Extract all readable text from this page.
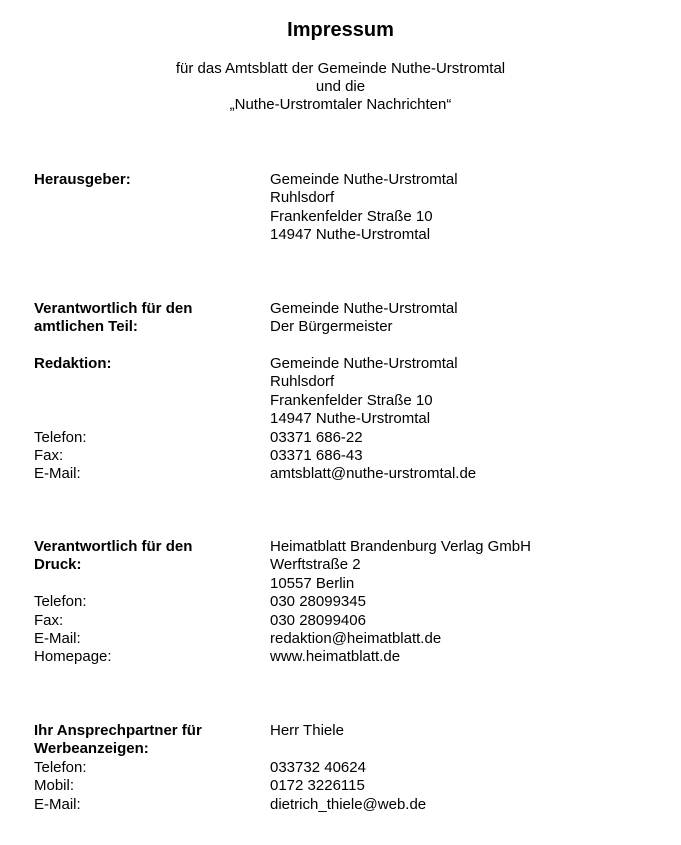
Impressum
für das Amtsblatt der Gemeinde Nuthe-Urstromtal
und die
„Nuthe-Urstromtaler Nachrichten“
Herausgeber:	Gemeinde Nuthe-Urstromtal
Ruhlsdorf
Frankenfelder Straße 10
14947 Nuthe-Urstromtal
Verantwortlich für den
amtlichen Teil:
Gemeinde Nuthe-Urstromtal
Der Bürgermeister
Redaktion:	Gemeinde Nuthe-Urstromtal
Ruhlsdorf
Frankenfelder Straße 10
14947 Nuthe-Urstromtal
Telefon:
Fax:
E-Mail:
03371 686-22
03371 686-43
amtsblatt@nuthe-urstromtal.de
Verantwortlich für den
Druck:
Heimatblatt Brandenburg Verlag GmbH
Werftstraße 2
10557 Berlin
Telefon:
Fax:
E-Mail:
Homepage:
030 28099345
030 28099406
redaktion@heimatblatt.de
www.heimatblatt.de
Ihr Ansprechpartner für
Werbeanzeigen:
Herr Thiele
Telefon:
Mobil:
E-Mail:
033732 40624
0172 3226115
dietrich_thiele@web.de
